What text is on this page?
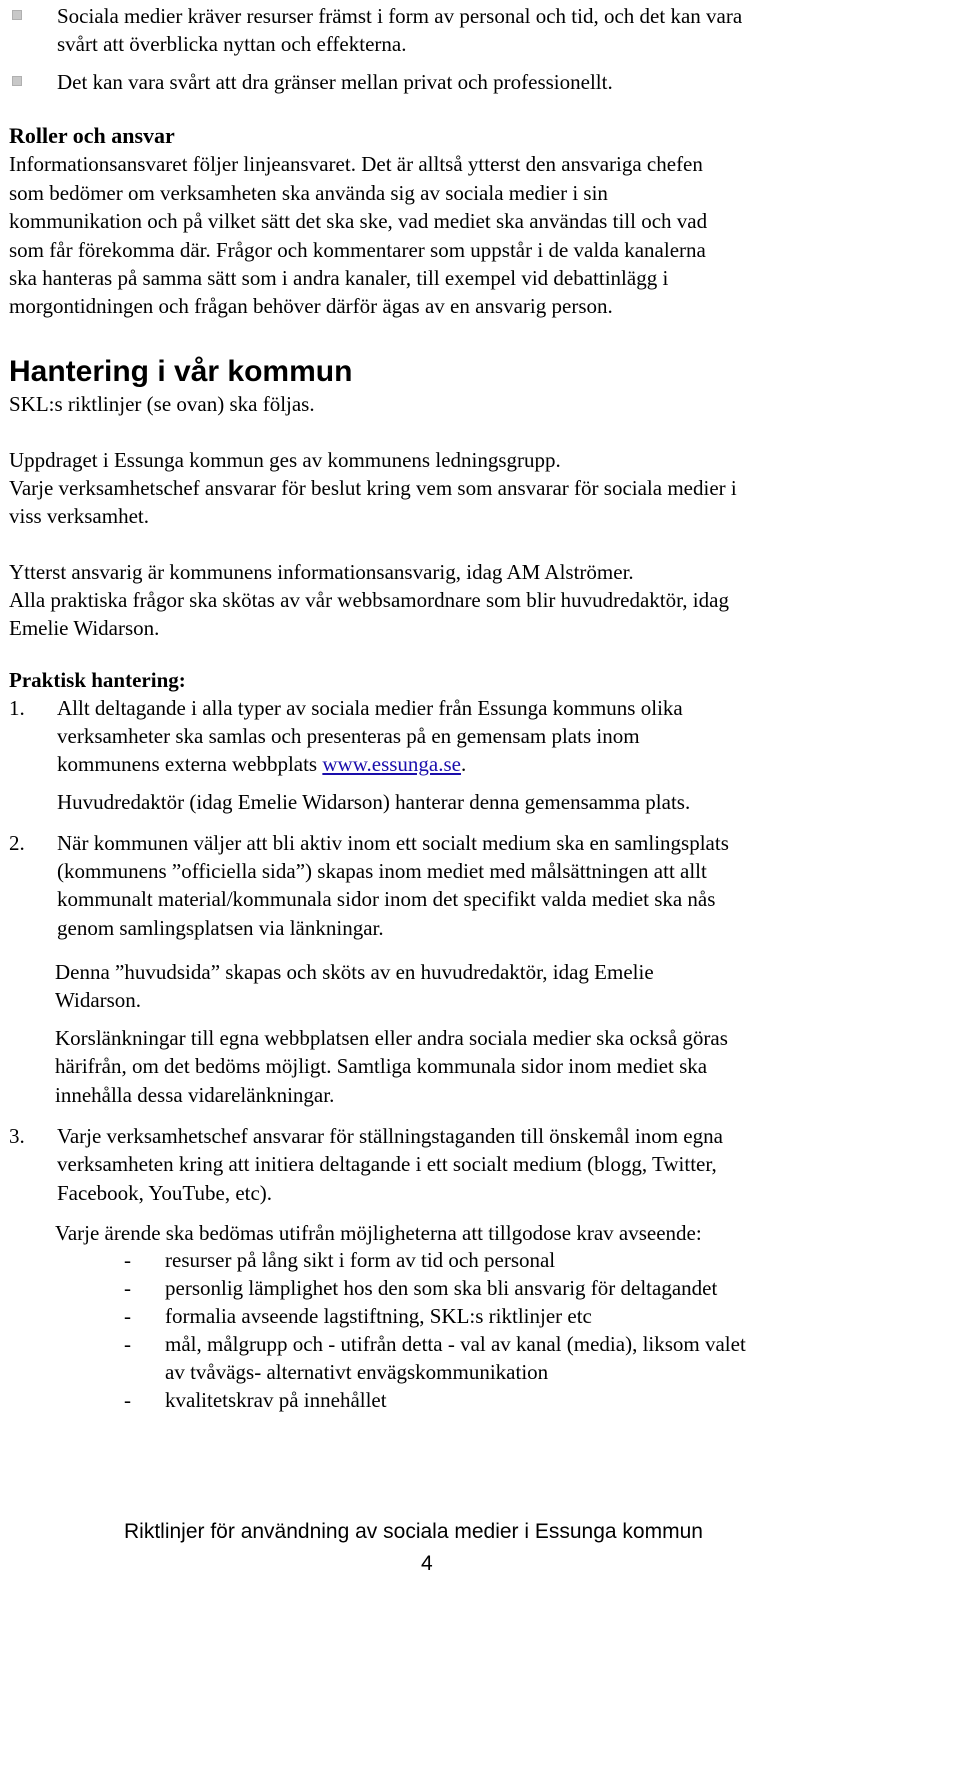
Sociala medier kräver resurser främst i form av personal och tid, och det kan vara
svårt att överblicka nyttan och effekterna.
Det kan vara svårt att dra gränser mellan privat och professionellt.
Roller och ansvar
Informationsansvaret följer linjeansvaret. Det är alltså ytterst den ansvariga chefen
som bedömer om verksamheten ska använda sig av sociala medier i sin
kommunikation och på vilket sätt det ska ske, vad mediet ska användas till och vad
som får förekomma där. Frågor och kommentarer som uppstår i de valda kanalerna
ska hanteras på samma sätt som i andra kanaler, till exempel vid debattinlägg i
morgontidningen och frågan behöver därför ägas av en ansvarig person.
Hantering i vår kommun
SKL:s riktlinjer (se ovan) ska följas.
Uppdraget i Essunga kommun ges av kommunens ledningsgrupp.
Varje verksamhetschef ansvarar för beslut kring vem som ansvarar för sociala medier i
viss verksamhet.
Ytterst ansvarig är kommunens informationsansvarig, idag AM Alströmer.
Alla praktiska frågor ska skötas av vår webbsamordnare som blir huvudredaktör, idag
Emelie Widarson.
Praktisk hantering:
1. Allt deltagande i alla typer av sociala medier från Essunga kommuns olika
verksamheter ska samlas och presenteras på en gemensam plats inom
kommunens externa webbplats www.essunga.se.
Huvudredaktör (idag Emelie Widarson) hanterar denna gemensamma plats.
2. När kommunen väljer att bli aktiv inom ett socialt medium ska en samlingsplats
(kommunens ”officiella sida”) skapas inom mediet med målsättningen att allt
kommunalt material/kommunala sidor inom det specifikt valda mediet ska nås
genom samlingsplatsen via länkningar.
Denna ”huvudsida” skapas och sköts av en huvudredaktör, idag Emelie
Widarson.
Korslänkningar till egna webbplatsen eller andra sociala medier ska också göras
härifrån, om det bedöms möjligt. Samtliga kommunala sidor inom mediet ska
innehålla dessa vidarelänkningar.
3. Varje verksamhetschef ansvarar för ställningstaganden till önskemål inom egna
verksamheten kring att initiera deltagande i ett socialt medium (blogg, Twitter,
Facebook, YouTube, etc).
Varje ärende ska bedömas utifrån möjligheterna att tillgodose krav avseende:
- resurser på lång sikt i form av tid och personal
- personlig lämplighet hos den som ska bli ansvarig för deltagandet
- formalia avseende lagstiftning, SKL:s riktlinjer etc
- mål, målgrupp och - utifrån detta - val av kanal (media), liksom valet
av tvåvägs- alternativt envägskommunikation
- kvalitetskrav på innehållet
Riktlinjer för användning av sociala medier i Essunga kommun
4
